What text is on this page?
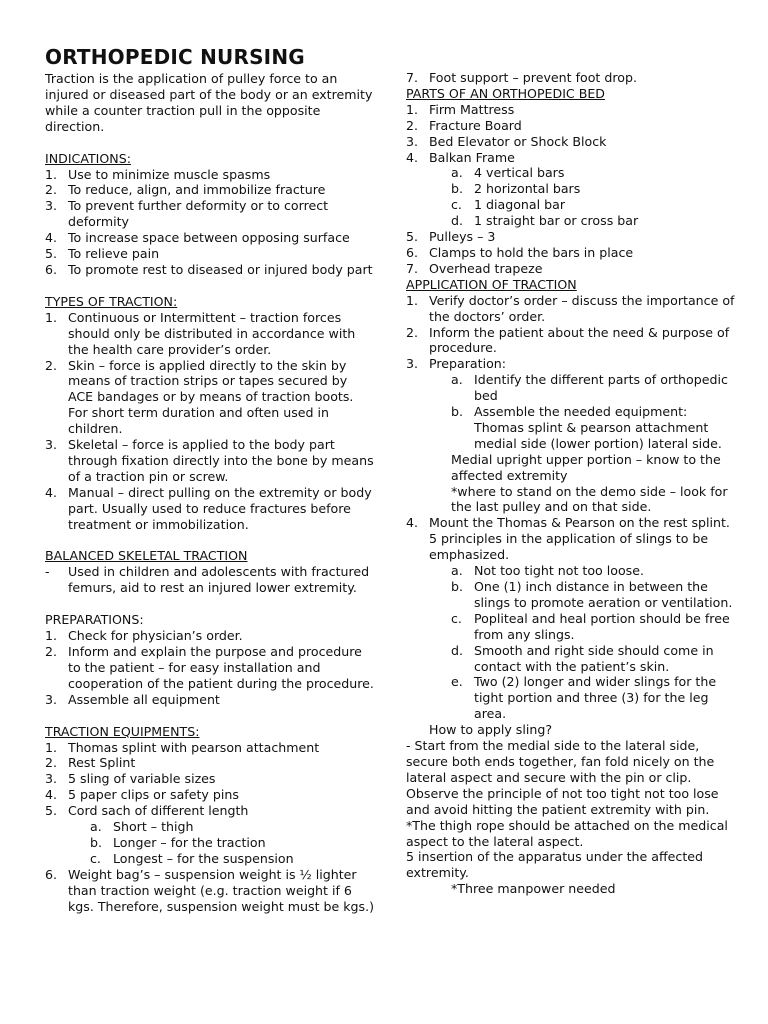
ORTHOPEDIC NURSING

Traction is the application of pulley force to an injured or diseased part of the body or an extremity while a counter traction pull in the opposite direction.

INDICATIONS:

1. Use to minimize muscle spasms
2. To reduce, align, and immobilize fracture
3. To prevent further deformity or to correct deformity
4. To increase space between opposing surface
5. To relieve pain
6. To promote rest to diseased or injured body part

TYPES OF TRACTION:

1. Continuous or Intermittent – traction forces should only be distributed in accordance with the health care provider’s order.
2. Skin – force is applied directly to the skin by means of traction strips or tapes secured by ACE bandages or by means of traction boots. For short term duration and often used in children.
3. Skeletal – force is applied to the body part through fixation directly into the bone by means of a traction pin or screw.
4. Manual – direct pulling on the extremity or body part. Usually used to reduce fractures before treatment or immobilization.

BALANCED SKELETAL TRACTION

- Used in children and adolescents with fractured femurs, aid to rest an injured lower extremity.

PREPARATIONS:

1. Check for physician’s order.
2. Inform and explain the purpose and procedure to the patient – for easy installation and cooperation of the patient during the procedure.
3. Assemble all equipment

TRACTION EQUIPMENTS:

1. Thomas splint with pearson attachment
2. Rest Splint
3. 5 sling of variable sizes
4. 5 paper clips or safety pins
5. Cord sach of different length
a. Short – thigh
b. Longer – for the traction
c. Longest – for the suspension
6. Weight bag’s – suspension weight is ½ lighter than traction weight (e.g. traction weight if 6 kgs. Therefore, suspension weight must be kgs.)
7. Foot support – prevent foot drop.

PARTS OF AN ORTHOPEDIC BED

1. Firm Mattress
2. Fracture Board
3. Bed Elevator or Shock Block
4. Balkan Frame
a. 4 vertical bars
b. 2 horizontal bars
c. 1 diagonal bar
d. 1 straight bar or cross bar
5. Pulleys – 3
6. Clamps to hold the bars in place
7. Overhead trapeze

APPLICATION OF TRACTION

1. Verify doctor’s order – discuss the importance of the doctors’ order.
2. Inform the patient about the need & purpose of procedure.
3. Preparation:
a. Identify the different parts of orthopedic bed
b. Assemble the needed equipment: Thomas splint & pearson attachment medial side (lower portion) lateral side.

Medial upright upper portion – know to the affected extremity

*where to stand on the demo side – look for the last pulley and on that side.

4. Mount the Thomas & Pearson on the rest splint.

5 principles in the application of slings to be emphasized.

a. Not too tight not too loose.
b. One (1) inch distance in between the slings to promote aeration or ventilation.
c. Popliteal and heal portion should be free from any slings.
d. Smooth and right side should come in contact with the patient’s skin.
e. Two (2) longer and wider slings for the tight portion and three (3) for the leg area.

How to apply sling?

- Start from the medial side to the lateral side, secure both ends together, fan fold nicely on the lateral aspect and secure with the pin or clip. Observe the principle of not too tight not too lose and avoid hitting the patient extremity with pin.

*The thigh rope should be attached on the medical aspect to the lateral aspect.

5 insertion of the apparatus under the affected extremity.

*Three manpower needed
